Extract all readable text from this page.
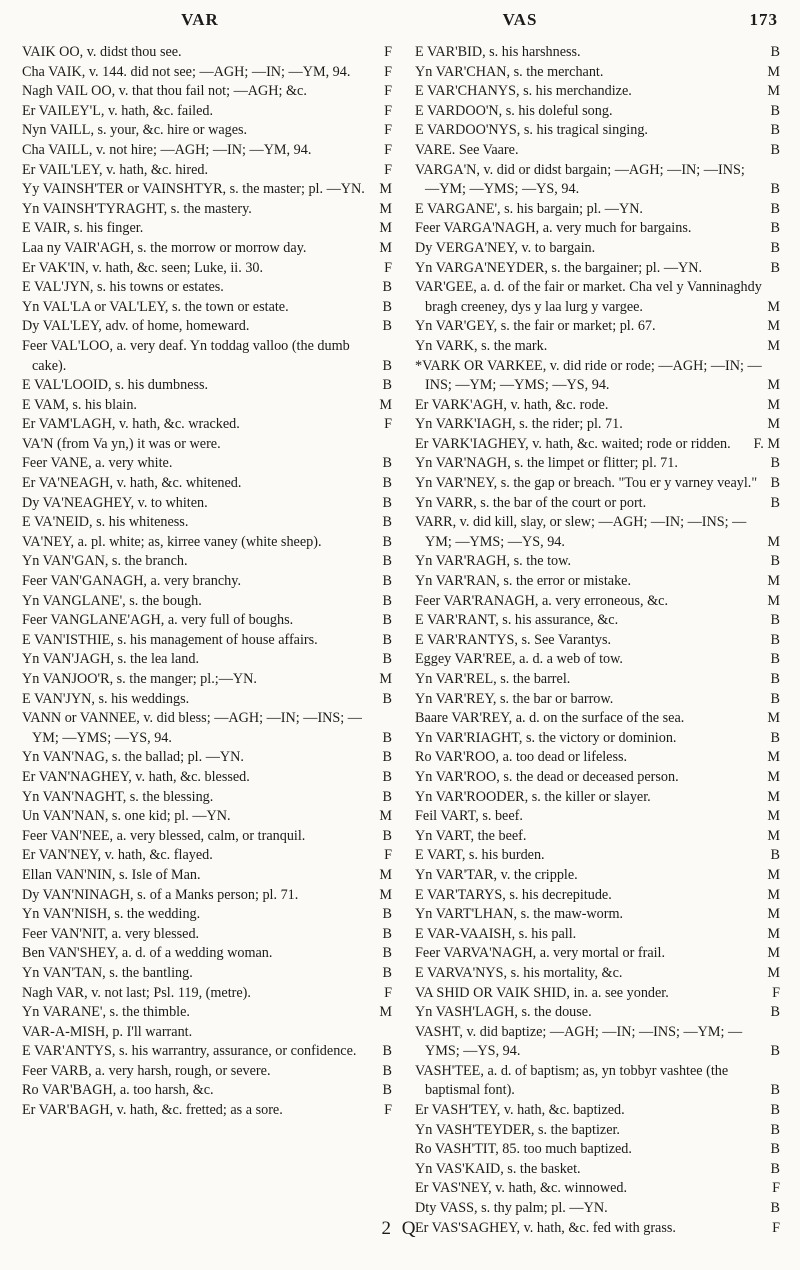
VAR	VAS	173
VAIK OO, v. didst thou see.	F
Cha VAIK, v. 144. did not see; —AGH; —IN; —YM, 94. F
Nagh VAIL OO, v. that thou fail not; —AGH; &c.	F
Er VAILEY'L, v. hath, &c. failed.	F
Nyn VAILL, s. your, &c. hire or wages.	F
Cha VAILL, v. not hire; —AGH; —IN; —YM, 94.	F
Er VAIL'LEY, v. hath, &c. hired.	F
Yy VAINSH'TER or VAINSHTYR, s. the master; pl. —YN. M
Yn VAINSH'TYRAGHT, s. the mastery.	M
E VAIR, s. his finger.	M
Laa ny VAIR'AGH, s. the morrow or morrow day.	M
Er VAK'IN, v. hath, &c. seen; Luke, ii. 30.	F
E VAL'JYN, s. his towns or estates.	B
Yn VAL'LA or VAL'LEY, s. the town or estate.	B
Dy VAL'LEY, adv. of home, homeward.	B
Feer VAL'LOO, a. very deaf. Yn toddag valloo (the dumb cake).	B
E VAL'LOOID, s. his dumbness.	B
E VAM, s. his blain.	M
Er VAM'LAGH, v. hath, &c. wracked.	F
VA'N (from Va yn,) it was or were.
Feer VANE, a. very white.	B
Er VA'NEAGH, v. hath, &c. whitened.	B
Dy VA'NEAGHEY, v. to whiten.	B
E VA'NEID, s. his whiteness.	B
VA'NEY, a. pl. white; as, kirree vaney (white sheep).	B
Yn VAN'GAN, s. the branch.	B
Feer VAN'GANAGH, a. very branchy.	B
Yn VANGLANE', s. the bough.	B
Feer VANGLANE'AGH, a. very full of boughs.	B
E VAN'ISTHIE, s. his management of house affairs.	B
Yn VAN'JAGH, s. the lea land.	B
Yn VANJOO'R, s. the manger; pl.;—YN.	M
E VAN'JYN, s. his weddings.	B
VANN or VANNEE, v. did bless; —AGH; —IN; —INS; —YM; —YMS; —YS, 94.	B
Yn VAN'NAG, s. the ballad; pl. —YN.	B
Er VAN'NAGHEY, v. hath, &c. blessed.	B
Yn VAN'NAGHT, s. the blessing.	B
Un VAN'NAN, s. one kid; pl. —YN.	M
Feer VAN'NEE, a. very blessed, calm, or tranquil.	B
Er VAN'NEY, v. hath, &c. flayed.	F
Ellan VAN'NIN, s. Isle of Man.	M
Dy VAN'NINAGH, s. of a Manks person; pl. 71.	M
Yn VAN'NISH, s. the wedding.	B
Feer VAN'NIT, a. very blessed.	B
Ben VAN'SHEY, a. d. of a wedding woman.	B
Yn VAN'TAN, s. the bantling.	B
Nagh VAR, v. not last; Psl. 119, (metre).	F
Yn VARANE', s. the thimble.	M
VAR-A-MISH, p. I'll warrant.
E VAR'ANTYS, s. his warrantry, assurance, or confidence. B
Feer VARB, a. very harsh, rough, or severe.	B
Ro VAR'BAGH, a. too harsh, &c.	B
Er VAR'BAGH, v. hath, &c. fretted; as a sore.	F
E VAR'BID, s. his harshness.	B
Yn VAR'CHAN, s. the merchant.	M
E VAR'CHANYS, s. his merchandize.	M
E VARDOO'N, s. his doleful song.	B
E VARDOO'NYS, s. his tragical singing.	B
VARE. See Vaare.	B
VARGA'N, v. did or didst bargain; —AGH; —IN; —INS; —YM; —YMS; —YS, 94.	B
E VARGANE', s. his bargain; pl. —YN.	B
Feer VARGA'NAGH, a. very much for bargains.	B
Dy VERGA'NEY, v. to bargain.	B
Yn VARGA'NEYDER, s. the bargainer; pl. —YN.	B
VAR'GEE, a. d. of the fair or market. Cha vel y Vanninaghdy bragh creeney, dys y laa lurg y vargee.	M
Yn VAR'GEY, s. the fair or market; pl. 67.	M
Yn VARK, s. the mark.	M
*VARK OR VARKEE, v. did ride or rode; —AGH; —IN; —INS; —YM; —YMS; —YS, 94.	M
Er VARK'AGH, v. hath, &c. rode.	M
Yn VARK'IAGH, s. the rider; pl. 71.	M
Er VARK'IAGHEY, v. hath, &c. waited; rode or ridden. F. M
Yn VAR'NAGH, s. the limpet or flitter; pl. 71.	B
Yn VAR'NEY, s. the gap or breach. "Tou er y varney veayl." B
Yn VARR, s. the bar of the court or port.	B
VARR, v. did kill, slay, or slew; —AGH; —IN; —INS; —YM; —YMS; —YS, 94.	M
Yn VAR'RAGH, s. the tow.	B
Yn VAR'RAN, s. the error or mistake.	M
Feer VAR'RANAGH, a. very erroneous, &c.	M
E VAR'RANT, s. his assurance, &c.	B
E VAR'RANTYS, s. See Varantys.	B
Eggey VAR'REE, a. d. a web of tow.	B
Yn VAR'REL, s. the barrel.	B
Yn VAR'REY, s. the bar or barrow.	B
Baare VAR'REY, a. d. on the surface of the sea.	M
Yn VAR'RIAGHT, s. the victory or dominion.	B
Ro VAR'ROO, a. too dead or lifeless.	M
Yn VAR'ROO, s. the dead or deceased person.	M
Yn VAR'ROODER, s. the killer or slayer.	M
Feil VART, s. beef.	M
Yn VART, the beef.	M
E VART, s. his burden.	B
Yn VAR'TAR, v. the cripple.	M
E VAR'TARYS, s. his decrepitude.	M
Yn VART'LHAN, s. the maw-worm.	M
E VAR-VAAISH, s. his pall.	M
Feer VARVA'NAGH, a. very mortal or frail.	M
E VARVA'NYS, s. his mortality, &c.	M
VA SHID OR VAIK SHID, in. a. see yonder.	F
Yn VASH'LAGH, s. the douse.	B
VASHT, v. did baptize; —AGH; —IN; —INS; —YM; —YMS; —YS, 94.	B
VASH'TEE, a. d. of baptism; as, yn tobbyr vashtee (the baptismal font).	B
Er VASH'TEY, v. hath, &c. baptized.	B
Yn VASH'TEYDER, s. the baptizer.	B
Ro VASH'TIT, 85. too much baptized.	B
Yn VAS'KAID, s. the basket.	B
Er VAS'NEY, v. hath, &c. winnowed.	F
Dty VASS, s. thy palm; pl. —YN.	B
Er VAS'SAGHEY, v. hath, &c. fed with grass.	F
2 Q
